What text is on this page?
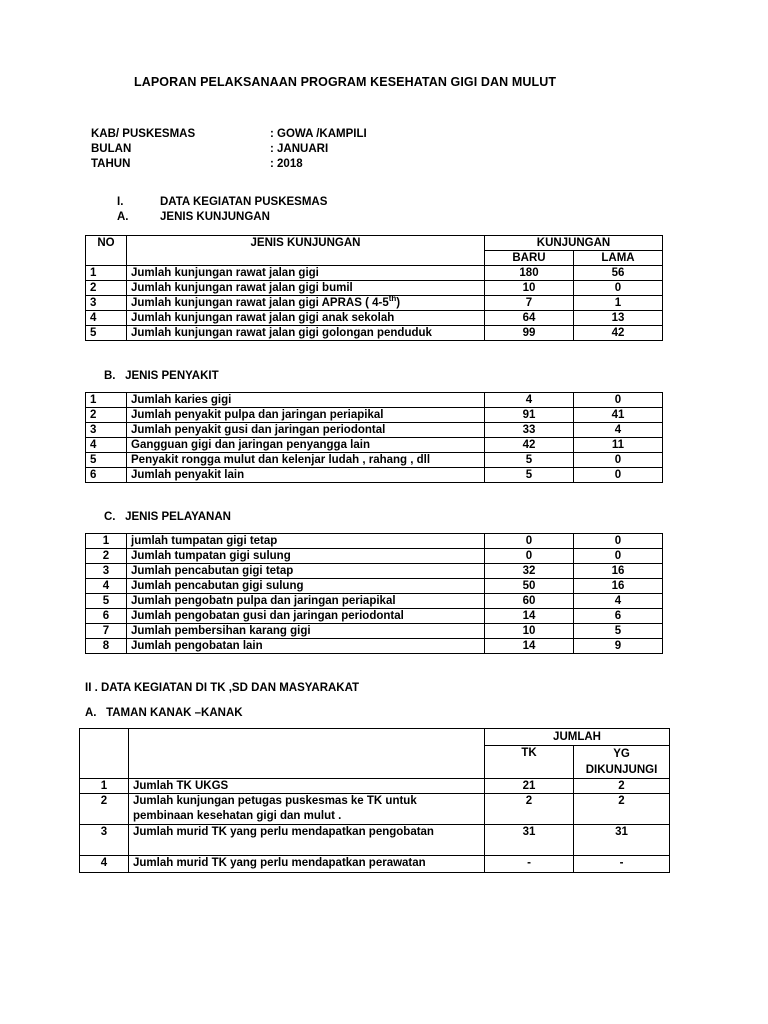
LAPORAN PELAKSANAAN PROGRAM KESEHATAN GIGI DAN MULUT
KAB/ PUSKESMAS	: GOWA /KAMPILI
BULAN	: JANUARI
TAHUN	: 2018
I.	DATA KEGIATAN PUSKESMAS
A.	JENIS KUNJUNGAN
NO	JENIS KUNJUNGAN	KUNJUNGAN	
		BARU	LAMA
1	Jumlah kunjungan rawat jalan gigi	180	56
2	Jumlah kunjungan rawat jalan gigi bumil	10	0
3	Jumlah kunjungan rawat jalan gigi APRAS ( 4-5th)	7	1
4	Jumlah kunjungan rawat jalan gigi anak sekolah	64	13
5	Jumlah kunjungan rawat jalan gigi golongan penduduk	99	42
B.   JENIS PENYAKIT
1	Jumlah karies gigi	4	0
2	Jumlah penyakit pulpa dan jaringan periapikal	91	41
3	Jumlah penyakit gusi dan jaringan periodontal	33	4
4	Gangguan gigi dan jaringan penyangga lain	42	11
5	Penyakit rongga mulut dan kelenjar ludah , rahang , dll	5	0
6	Jumlah penyakit lain	5	0
C.   JENIS PELAYANAN
1	jumlah tumpatan gigi tetap	0	0
2	Jumlah tumpatan gigi sulung	0	0
3	Jumlah pencabutan gigi tetap	32	16
4	Jumlah pencabutan gigi sulung	50	16
5	Jumlah pengobatn pulpa dan jaringan periapikal	60	4
6	Jumlah pengobatan gusi dan jaringan periodontal	14	6
7	Jumlah pembersihan karang gigi	10	5
8	Jumlah pengobatan lain	14	9
II . DATA KEGIATAN DI TK ,SD DAN MASYARAKAT
A.   TAMAN KANAK –KANAK
		JUMLAH	
		TK	YG DIKUNJUNGI
1	Jumlah TK UKGS	21	2
2	Jumlah kunjungan petugas puskesmas ke TK untuk pembinaan kesehatan gigi dan mulut .	2	2
3	Jumlah murid TK yang perlu mendapatkan pengobatan	31	31
4	Jumlah murid TK yang perlu mendapatkan perawatan	-	-
